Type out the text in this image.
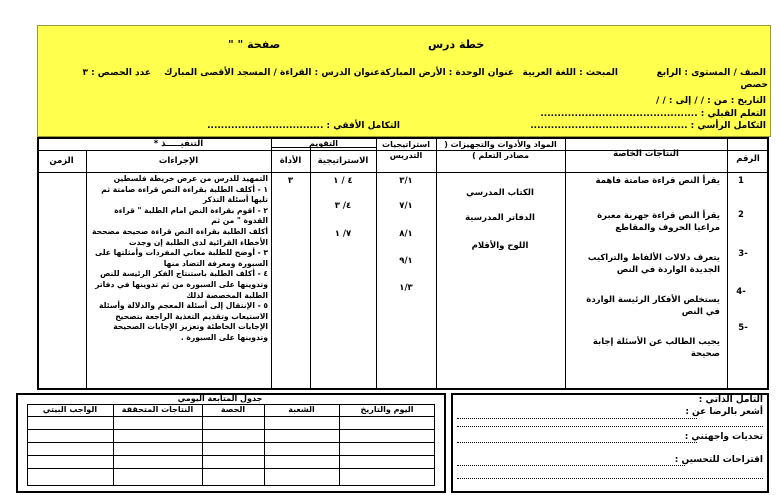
خطة درس
صفحة " "
الصف / المستوى : الرابع
المبحث : اللغة العربية
عنوان الوحدة : الأرض المباركة
عنوان الدرس : القراءة / المسجد الأقصى المبارك
عدد الحصص : ٣
حصص
التاريخ : من : / / إلى : / /
التعلم القبلي : ..............................................
التكامل الرأسي : ..............................................
التكامل الأفقي : ..................................
التنفيـــــذ *	التقويم
الرقم
النتاجات الخاصة
المواد والأدوات والتجهيزات ( مصادر التعلم )
استراتيجيات التدريس
الاستراتيجية
الأداة
الإجراءات
الزمن
1
2
-3
-4
-5
يقرأ النص قراءة صامتة فاهمة
يقرأ النص قراءة جهرية معبرة مراعيا الحروف والمقاطع
يتعرف دلالات الألفاظ والتراكيب الجديدة الواردة في النص
يستخلص الأفكار الرئيسة الواردة في النص
يجيب الطالب عن الأسئلة إجابة صحيحة
الكتاب المدرسي
الدفاتر المدرسية
اللوح والأقلام
٣/١
٧/١
٨/١
٩/١
١/٣
٤ / ١
٤/ ٣
٧/ ١
٣
التمهيد للدرس من عرض خريطة فلسطين
١ - أكلف الطلبة بقراءة النص قراءة صامتة ثم تليها أسئلة التذكر
٢ - اقوم بقراءة النص امام الطلبة " قراءة القدوة " من ثم
أكلف الطلبة بقراءة النص قراءة صحيحة مصححة الأخطاء القرائية لدى الطلبة إن وجدت
٣ - أوضح للطلبة معاني المفردات وأمثلتها على السبورة ومعرفة التضاد منها
٤ - أكلف الطلبة باستنتاج الفكر الرئيسة للنص وتدوينها على السبورة من ثم تدوينها في دفاتر الطلبة المخصصة لذلك
٥ - الإنتقال إلى أسئلة المعجم والدلالة وأسئلة الاستيعاب وتقديم التغذية الراجعة بتصحيح الإجابات الخاطئة وتعزيز الإجابات الصحيحة وتدوينها على السبورة .
التأمل الذاتي :
أشعر بالرضا عن :
تحديات واجهتني :
اقتراحات للتحسين :
جدول المتابعة اليومي
اليوم والتاريخ
الشعبة
الحصة
النتاجات المتحققة
الواجب البيتي
